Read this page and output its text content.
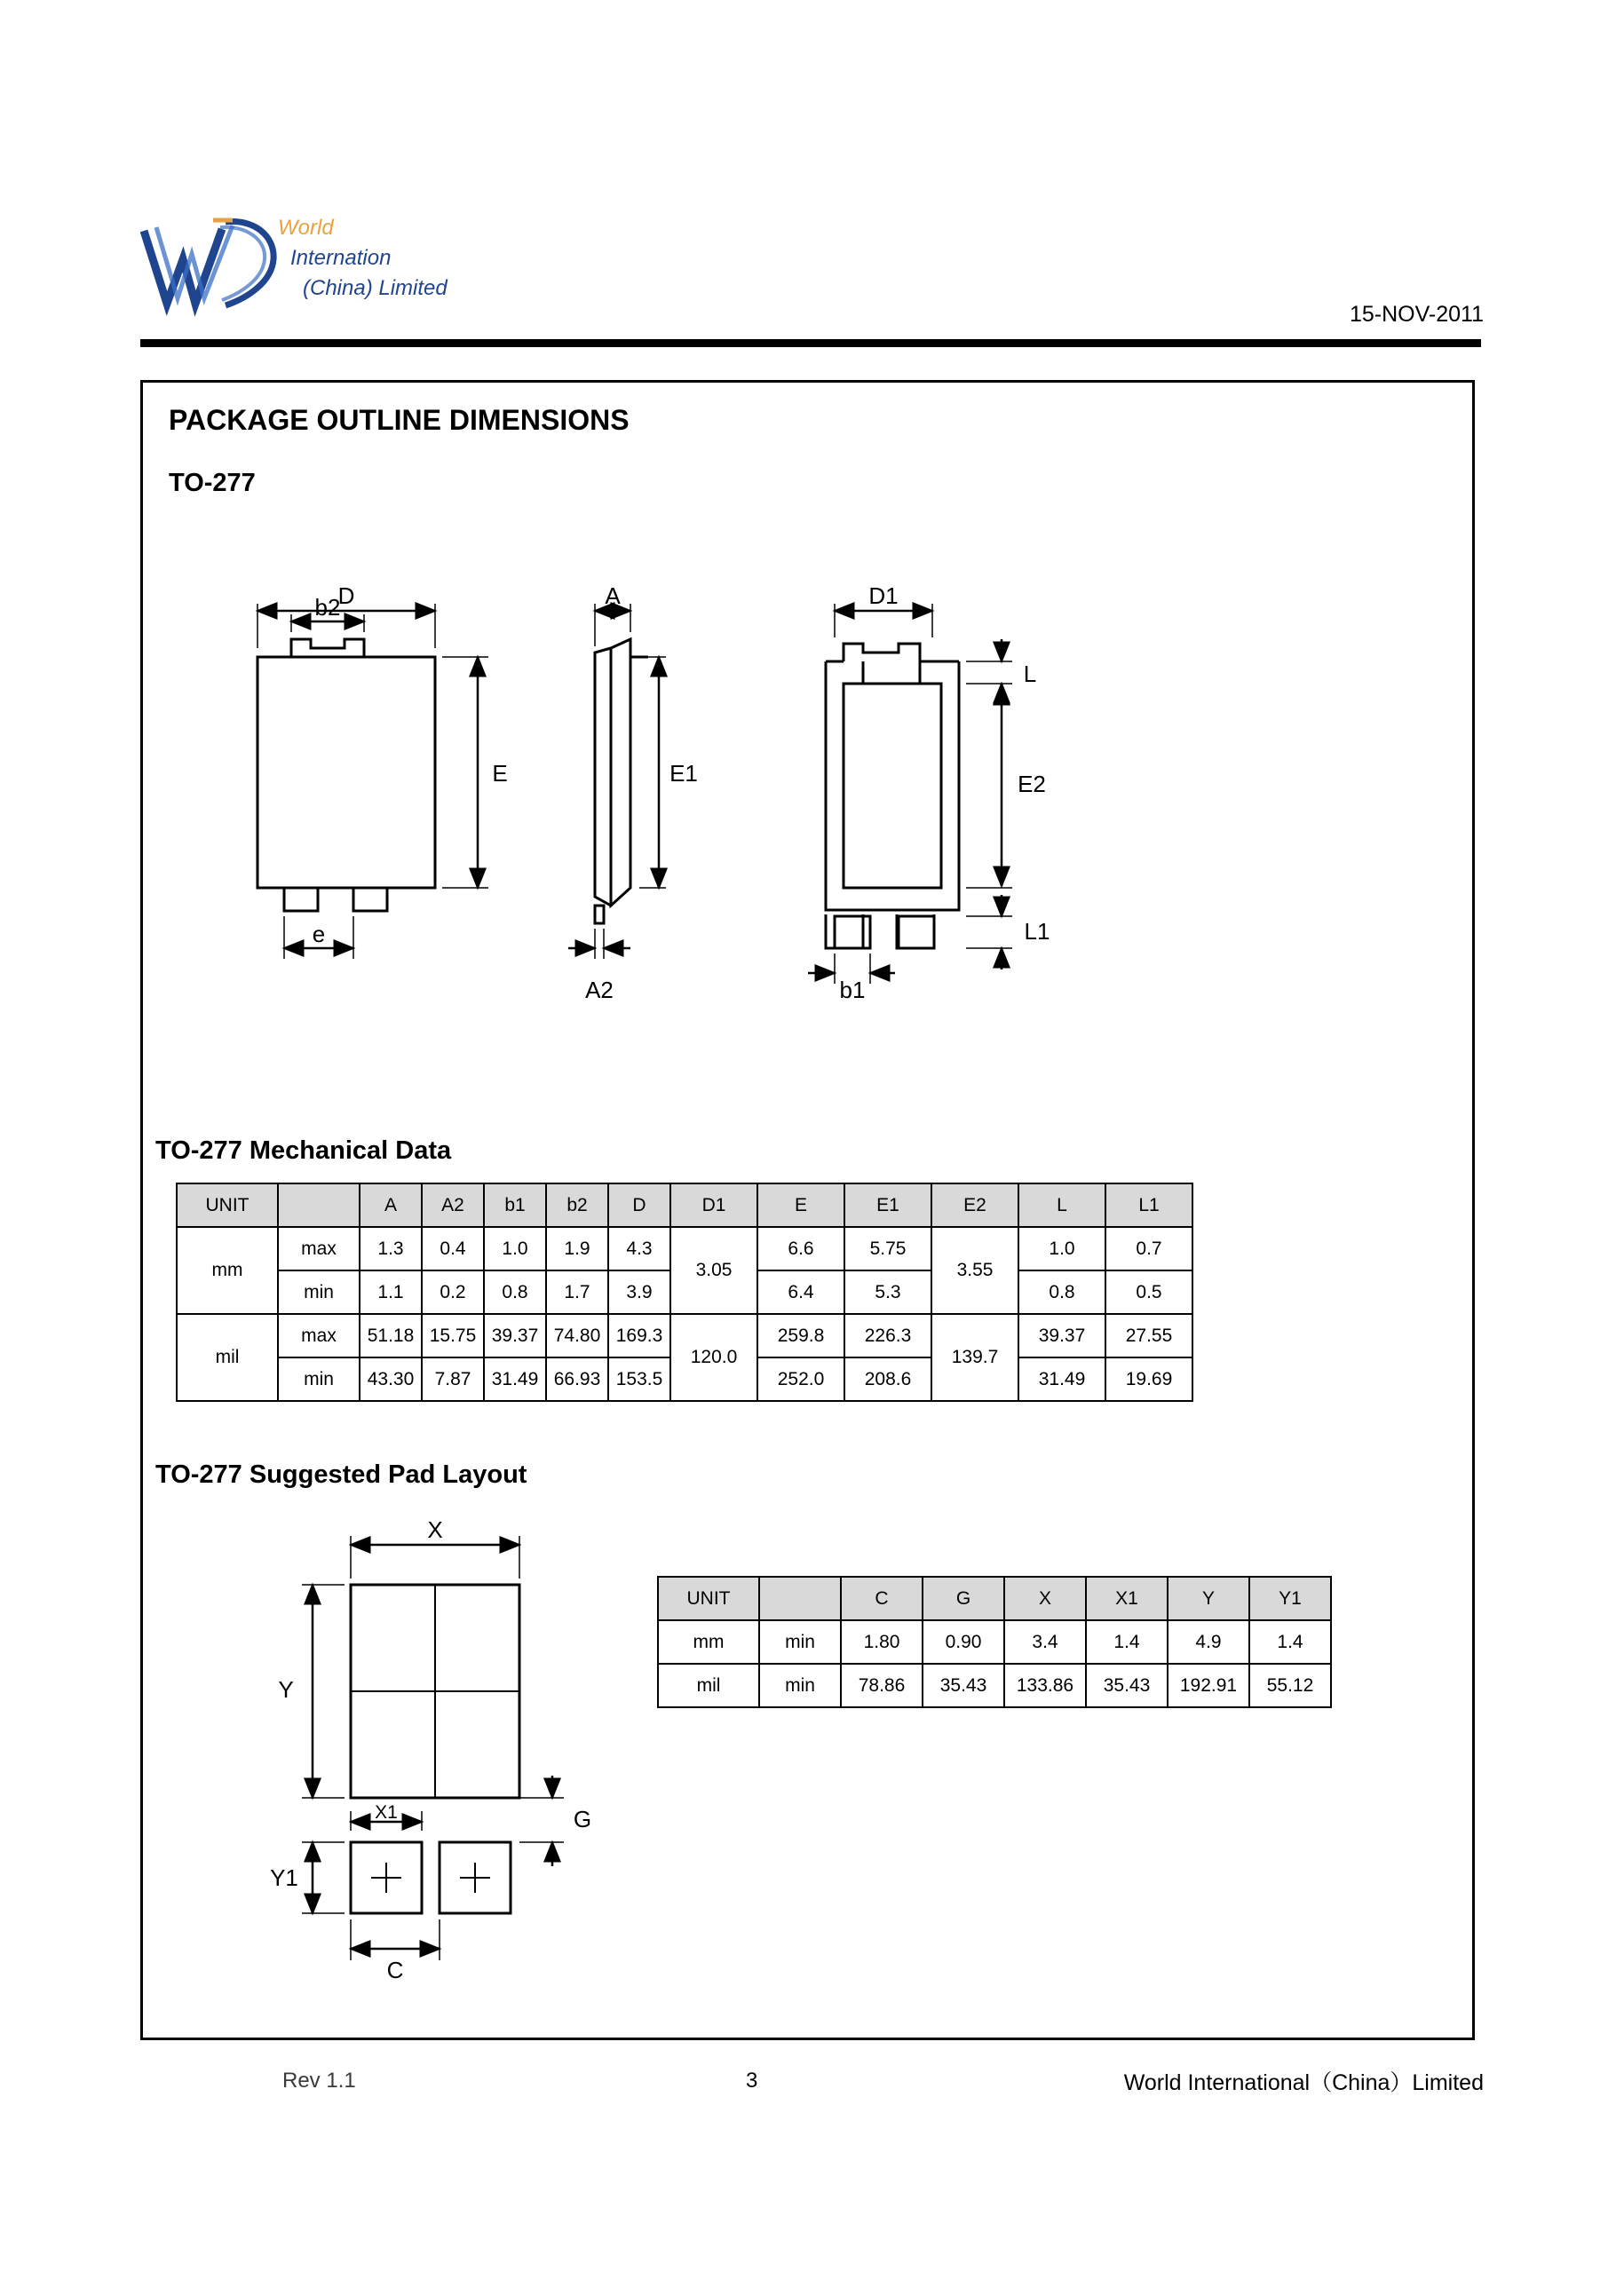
World
Internation
(China) Limited
15-NOV-2011
PACKAGE OUTLINE DIMENSIONS
TO-277
D
b2
E
e
A
E1
A2
D1
L
E2
L1
b1
TO-277 Mechanical Data
UNIT		A	A2	b1	b2	D	D1	E	E1	E2	L	L1
mm	max	1.3	0.4	1.0	1.9	4.3	3.05	6.6	5.75	3.55	1.0	0.7
	min	1.1	0.2	0.8	1.7	3.9		6.4	5.3		0.8	0.5
mil	max	51.18	15.75	39.37	74.80	169.3	120.0	259.8	226.3	139.7	39.37	27.55
	min	43.30	7.87	31.49	66.93	153.5		252.0	208.6		31.49	19.69
TO-277 Suggested Pad Layout
X
Y
Y1
X1
C
G
UNIT		C	G	X	X1	Y	Y1
mm	min	1.80	0.90	3.4	1.4	4.9	1.4
mil	min	78.86	35.43	133.86	35.43	192.91	55.12
Rev 1.1	3	World International（China）Limited
